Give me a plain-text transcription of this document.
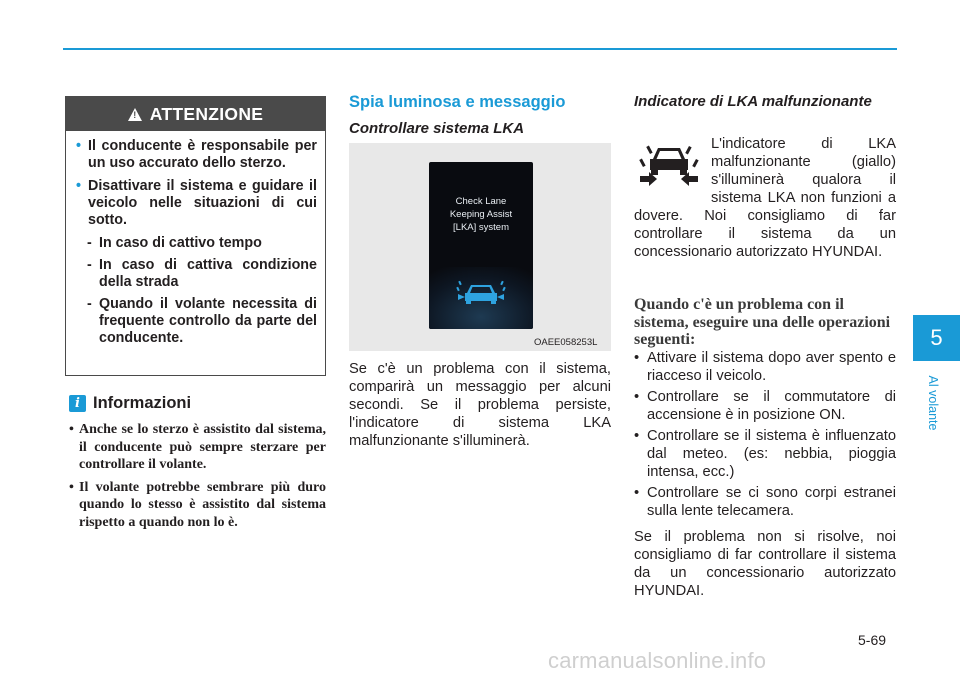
! ATTENZIONE
• Il conducente è responsabile per un uso accurato dello sterzo.
• Disattivare il sistema e guidare il veicolo nelle situazioni di cui sotto.
- In caso di cattivo tempo
- In caso di cattiva condizione della strada
- Quando il volante necessita di frequente controllo da parte del conducente.
i Informazioni
• Anche se lo sterzo è assistito dal sistema, il conducente può sempre sterzare per controllare il volante.
• Il volante potrebbe sembrare più duro quando lo stesso è assistito dal sistema rispetto a quando non lo è.
Spia luminosa e messaggio
Controllare sistema LKA
Check Lane
Keeping Assist
[LKA] system
OAEE058253L
Se c'è un problema con il sistema, comparirà un messaggio per alcuni secondi. Se il problema persiste, l'indicatore di sistema LKA malfunzionante s'illuminerà.
Indicatore di LKA malfunzionante
L'indicatore di LKA malfunzionante (giallo) s'illuminerà qualora il sistema LKA non funzioni a dovere. Noi consigliamo di far controllare il sistema da un concessionario autorizzato HYUNDAI.
Quando c'è un problema con il sistema, eseguire una delle operazioni seguenti:
• Attivare il sistema dopo aver spento e riacceso il veicolo.
• Controllare se il commutatore di accensione è in posizione ON.
• Controllare se il sistema è influenzato dal meteo. (es: nebbia, pioggia intensa, ecc.)
• Controllare se ci sono corpi estranei sulla lente telecamera.
Se il problema non si risolve, noi consigliamo di far controllare il sistema da un concessionario autorizzato HYUNDAI.
5
Al volante
5-69
carmanualsonline.info
